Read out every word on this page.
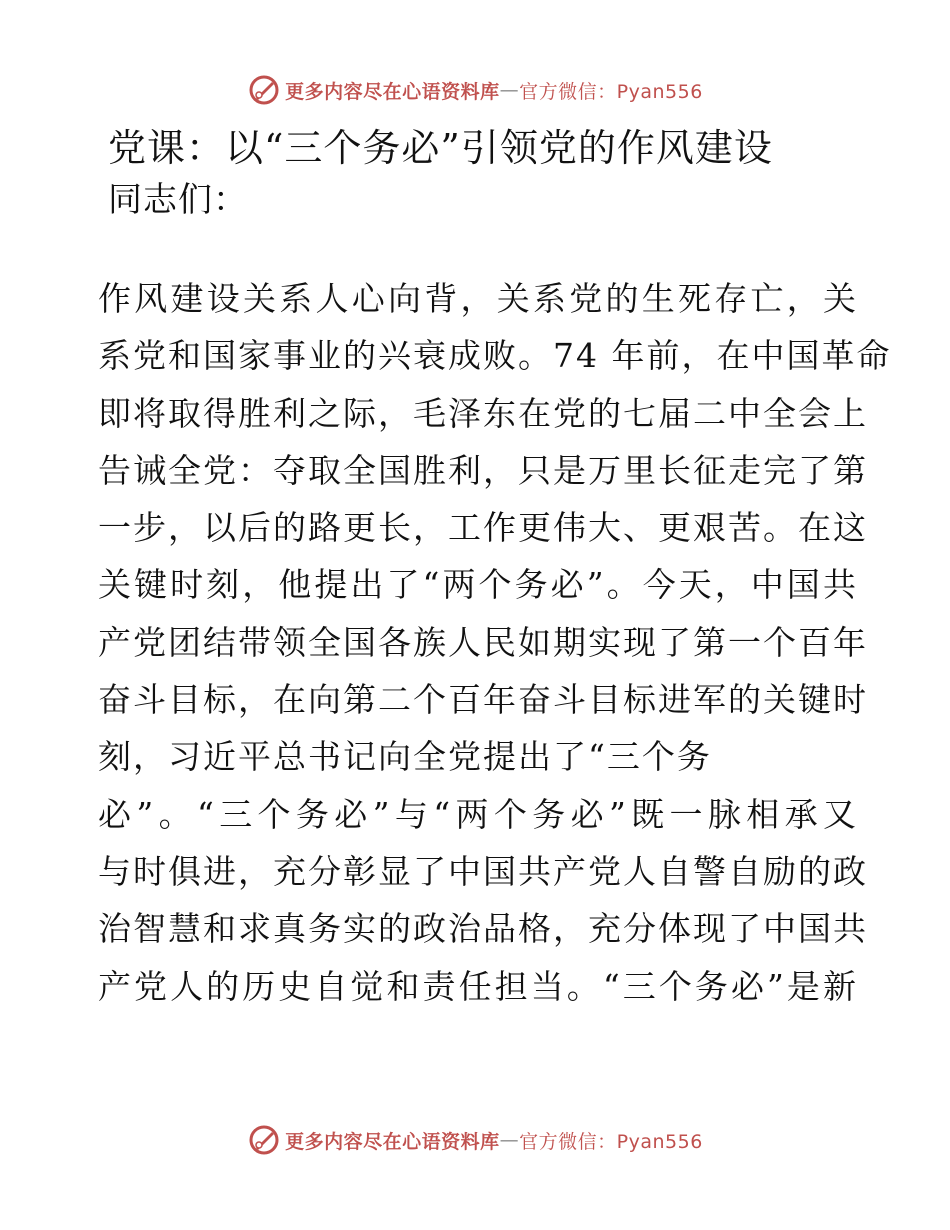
更多内容尽在心语资料库 — 官方微信：Pyan556
党课：以“三个务必”引领党的作风建设
同志们：
作风建设关系人心向背，关系党的生死存亡，关
系党和国家事业的兴衰成败。74 年前，在中国革命
即将取得胜利之际，毛泽东在党的七届二中全会上
告诫全党：夺取全国胜利，只是万里长征走完了第
一步，以后的路更长，工作更伟大、更艰苦。在这
关键时刻，他提出了“两个务必”。今天，中国共
产党团结带领全国各族人民如期实现了第一个百年
奋斗目标，在向第二个百年奋斗目标进军的关键时
刻，习近平总书记向全党提出了“三个务
必”。“三个务必”与“两个务必”既一脉相承又
与时俱进，充分彰显了中国共产党人自警自励的政
治智慧和求真务实的政治品格，充分体现了中国共
产党人的历史自觉和责任担当。“三个务必”是新
更多内容尽在心语资料库 — 官方微信：Pyan556
